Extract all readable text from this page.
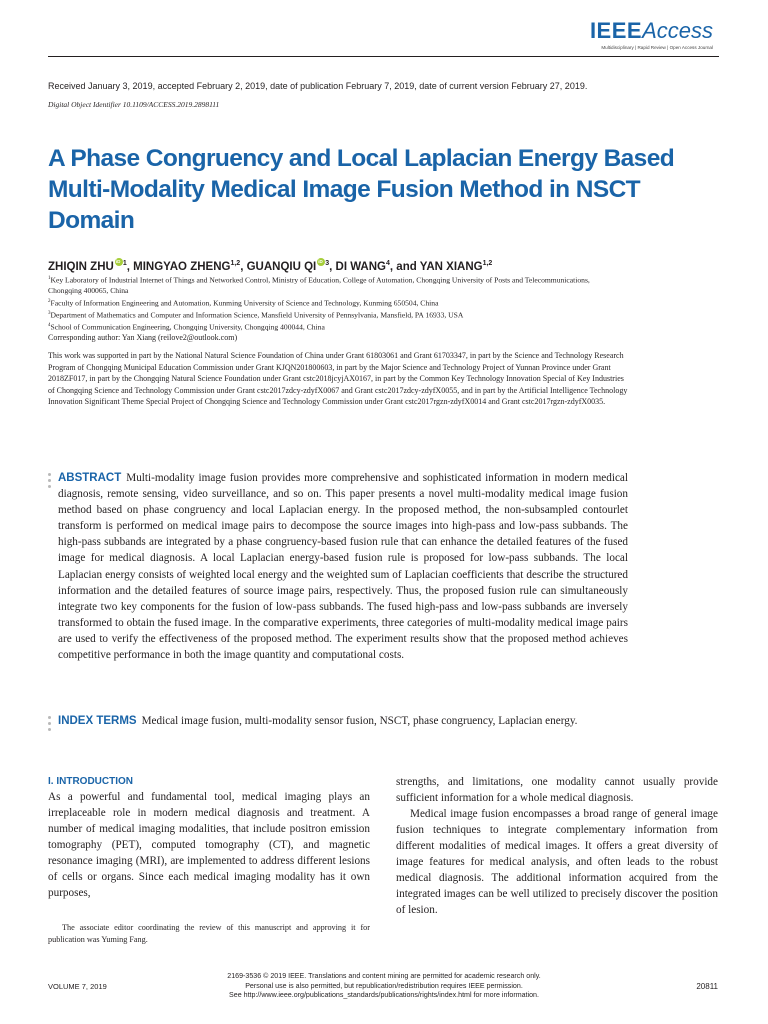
IEEEAccess
Multidisciplinary | Rapid Review | Open Access Journal
Received January 3, 2019, accepted February 2, 2019, date of publication February 7, 2019, date of current version February 27, 2019.
Digital Object Identifier 10.1109/ACCESS.2019.2898111
A Phase Congruency and Local Laplacian Energy Based Multi-Modality Medical Image Fusion Method in NSCT Domain
ZHIQIN ZHU iD $^1$, MINGYAO ZHENG$^{1,2}$, GUANQIU QI iD $^3$, DI WANG$^4$, and YAN XIANG$^{1,2}$
$^1$Key Laboratory of Industrial Internet of Things and Networked Control, Ministry of Education, College of Automation, Chongqing University of Posts and Telecommunications, Chongqing 400065, China
$^2$Faculty of Information Engineering and Automation, Kunming University of Science and Technology, Kunming 650504, China
$^3$Department of Mathematics and Computer and Information Science, Mansfield University of Pennsylvania, Mansfield, PA 16933, USA
$^4$School of Communication Engineering, Chongqing University, Chongqing 400044, China
Corresponding author: Yan Xiang (reilove2@outlook.com)
This work was supported in part by the National Natural Science Foundation of China under Grant 61803061 and Grant 61703347, in part by the Science and Technology Research Program of Chongqing Municipal Education Commission under Grant KJQN201800603, in part by the Major Science and Technology Project of Yunnan Province under Grant 2018ZF017, in part by the Chongqing Natural Science Foundation under Grant cstc2018jcyjAX0167, in part by the Common Key Technology Innovation Special of Key Industries of Chongqing Science and Technology Commission under Grant cstc2017zdcy-zdyfX0067 and Grant cstc2017zdcy-zdyfX0055, and in part by the Artificial Intelligence Technology Innovation Significant Theme Special Project of Chongqing Science and Technology Commission under Grant cstc2017rgzn-zdyfX0014 and Grant cstc2017rgzn-zdyfX0035.
ABSTRACT Multi-modality image fusion provides more comprehensive and sophisticated information in modern medical diagnosis, remote sensing, video surveillance, and so on. This paper presents a novel multi-modality medical image fusion method based on phase congruency and local Laplacian energy. In the proposed method, the non-subsampled contourlet transform is performed on medical image pairs to decompose the source images into high-pass and low-pass subbands. The high-pass subbands are integrated by a phase congruency-based fusion rule that can enhance the detailed features of the fused image for medical diagnosis. A local Laplacian energy-based fusion rule is proposed for low-pass subbands. The local Laplacian energy consists of weighted local energy and the weighted sum of Laplacian coefficients that describe the structured information and the detailed features of source image pairs, respectively. Thus, the proposed fusion rule can simultaneously integrate two key components for the fusion of low-pass subbands. The fused high-pass and low-pass subbands are inversely transformed to obtain the fused image. In the comparative experiments, three categories of multi-modality medical image pairs are used to verify the effectiveness of the proposed method. The experiment results show that the proposed method achieves competitive performance in both the image quantity and computational costs.
INDEX TERMS Medical image fusion, multi-modality sensor fusion, NSCT, phase congruency, Laplacian energy.
I. INTRODUCTION

As a powerful and fundamental tool, medical imaging plays an irreplaceable role in modern medical diagnosis and treatment. A number of medical imaging modalities, that include positron emission tomography (PET), computed tomography (CT), and magnetic resonance imaging (MRI), are implemented to address different lesions of cells or organs. Since each medical imaging modality has it own purposes,

strengths, and limitations, one modality cannot usually provide sufficient information for a whole medical diagnosis.

Medical image fusion encompasses a broad range of general image fusion techniques to integrate complementary information from different modalities of medical images. It offers a great diversity of image features for medical analysis, and often leads to the robust medical diagnosis. The additional information acquired from the integrated images can be well utilized to precisely discover the position of lesion.

The associate editor coordinating the review of this manuscript and approving it for publication was Yuming Fang.
VOLUME 7, 2019
2169-3536 © 2019 IEEE. Translations and content mining are permitted for academic research only.
Personal use is also permitted, but republication/redistribution requires IEEE permission.
See http://www.ieee.org/publications_standards/publications/rights/index.html for more information.
20811
